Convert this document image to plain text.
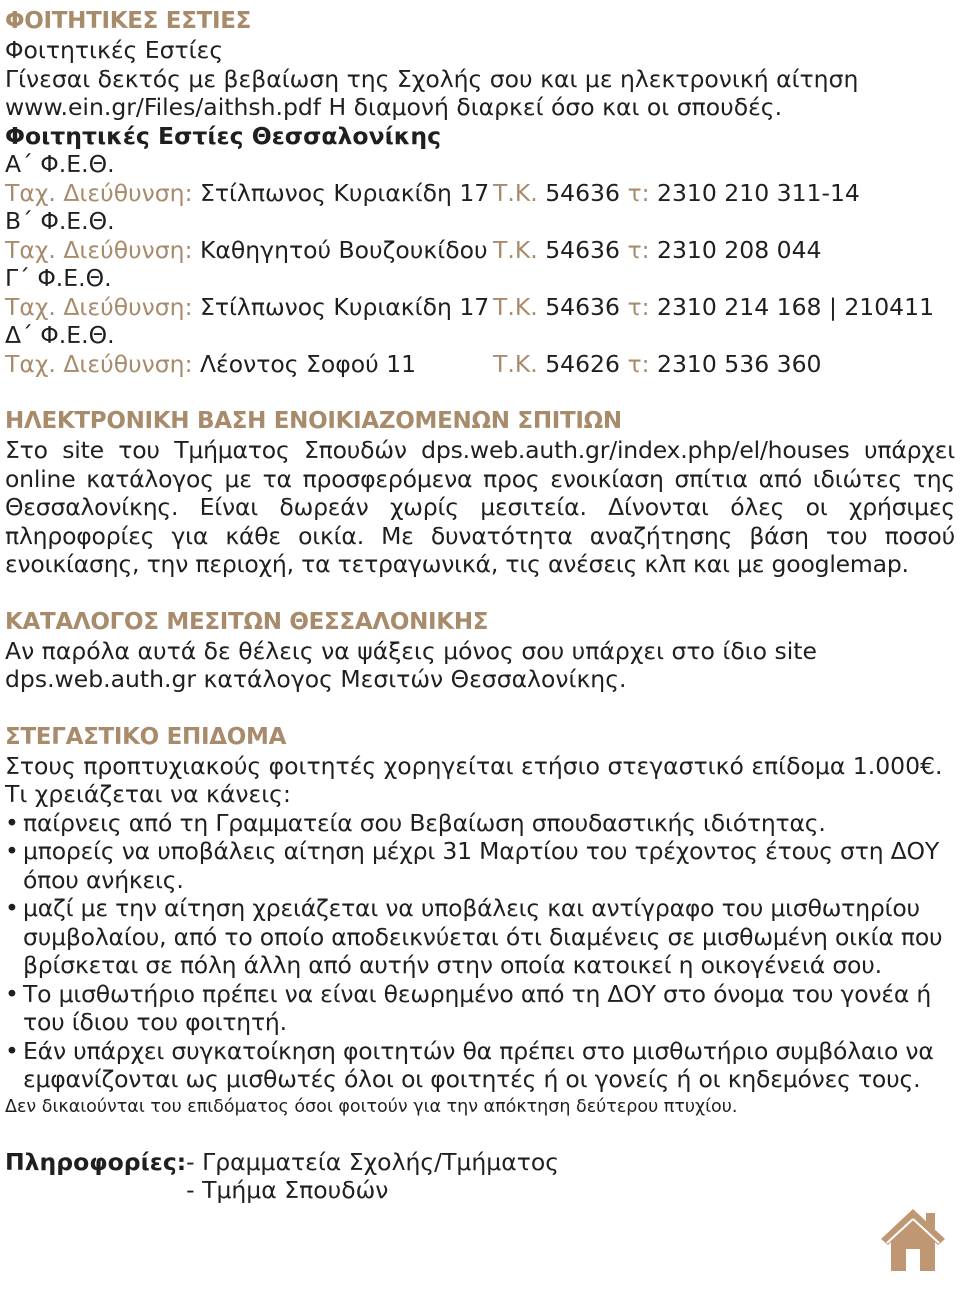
ΦΟΙΤΗΤΙΚΕΣ ΕΣΤΙΕΣ
Φοιτητικές Εστίες
Γίνεσαι δεκτός με βεβαίωση της Σχολής σου και με ηλεκτρονική αίτηση
www.ein.gr/Files/aithsh.pdf Η διαμονή διαρκεί όσο και οι σπουδές.
Φοιτητικές Εστίες Θεσσαλονίκης
Α΄ Φ.Ε.Θ.
Ταχ. Διεύθυνση: Στίλπωνος Κυριακίδη 17 Τ.Κ. 54636 τ: 2310 210 311-14
Β΄ Φ.Ε.Θ.
Ταχ. Διεύθυνση: Καθηγητού Βουζουκίδου Τ.Κ. 54636 τ: 2310 208 044
Γ΄ Φ.Ε.Θ.
Ταχ. Διεύθυνση: Στίλπωνος Κυριακίδη 17 Τ.Κ. 54636 τ: 2310 214 168 | 210411
Δ΄ Φ.Ε.Θ.
Ταχ. Διεύθυνση: Λέοντος Σοφού 11	Τ.Κ. 54626 τ: 2310 536 360
ΗΛΕΚΤΡΟΝΙΚΗ ΒΑΣΗ ΕΝΟΙΚΙΑΖΟΜΕΝΩΝ ΣΠΙΤΙΩΝ
Στο site του Τμήματος Σπουδών dps.web.auth.gr/index.php/el/houses υπάρχει online κατάλογος με τα προσφερόμενα προς ενοικίαση σπίτια από ιδιώτες της Θεσσαλονίκης. Είναι δωρεάν χωρίς μεσιτεία. Δίνονται όλες οι χρήσιμες πληροφορίες για κάθε οικία. Με δυνατότητα αναζήτησης βάση του ποσού ενοικίασης, την περιοχή, τα τετραγωνικά, τις ανέσεις κλπ και με googlemap.
ΚΑΤΑΛΟΓΟΣ ΜΕΣΙΤΩΝ ΘΕΣΣΑΛΟΝΙΚΗΣ
Αν παρόλα αυτά δε θέλεις να ψάξεις μόνος σου υπάρχει στο ίδιο site
dps.web.auth.gr κατάλογος Μεσιτών Θεσσαλονίκης.
ΣΤΕΓΑΣΤΙΚΟ ΕΠΙΔΟΜΑ
Στους προπτυχιακούς φοιτητές χορηγείται ετήσιο στεγαστικό επίδομα 1.000€.
Τι χρειάζεται να κάνεις:
• παίρνεις από τη Γραμματεία σου Βεβαίωση σπουδαστικής ιδιότητας.
• μπορείς να υποβάλεις αίτηση μέχρι 31 Μαρτίου του τρέχοντος έτους στη ΔΟΥ όπου ανήκεις.
• μαζί με την αίτηση χρειάζεται να υποβάλεις και αντίγραφο του μισθωτηρίου συμβολαίου, από το οποίο αποδεικνύεται ότι διαμένεις σε μισθωμένη οικία που βρίσκεται σε πόλη άλλη από αυτήν στην οποία κατοικεί η οικογένειά σου.
• Το μισθωτήριο πρέπει να είναι θεωρημένο από τη ΔΟΥ στο όνομα του γονέα ή του ίδιου του φοιτητή.
• Εάν υπάρχει συγκατοίκηση φοιτητών θα πρέπει στο μισθωτήριο συμβόλαιο να εμφανίζονται ως μισθωτές όλοι οι φοιτητές ή οι γονείς ή οι κηδεμόνες τους.
Δεν δικαιούνται του επιδόματος όσοι φοιτούν για την απόκτηση δεύτερου πτυχίου.
Πληροφορίες: - Γραμματεία Σχολής/Τμήματος
- Τμήμα Σπουδών
